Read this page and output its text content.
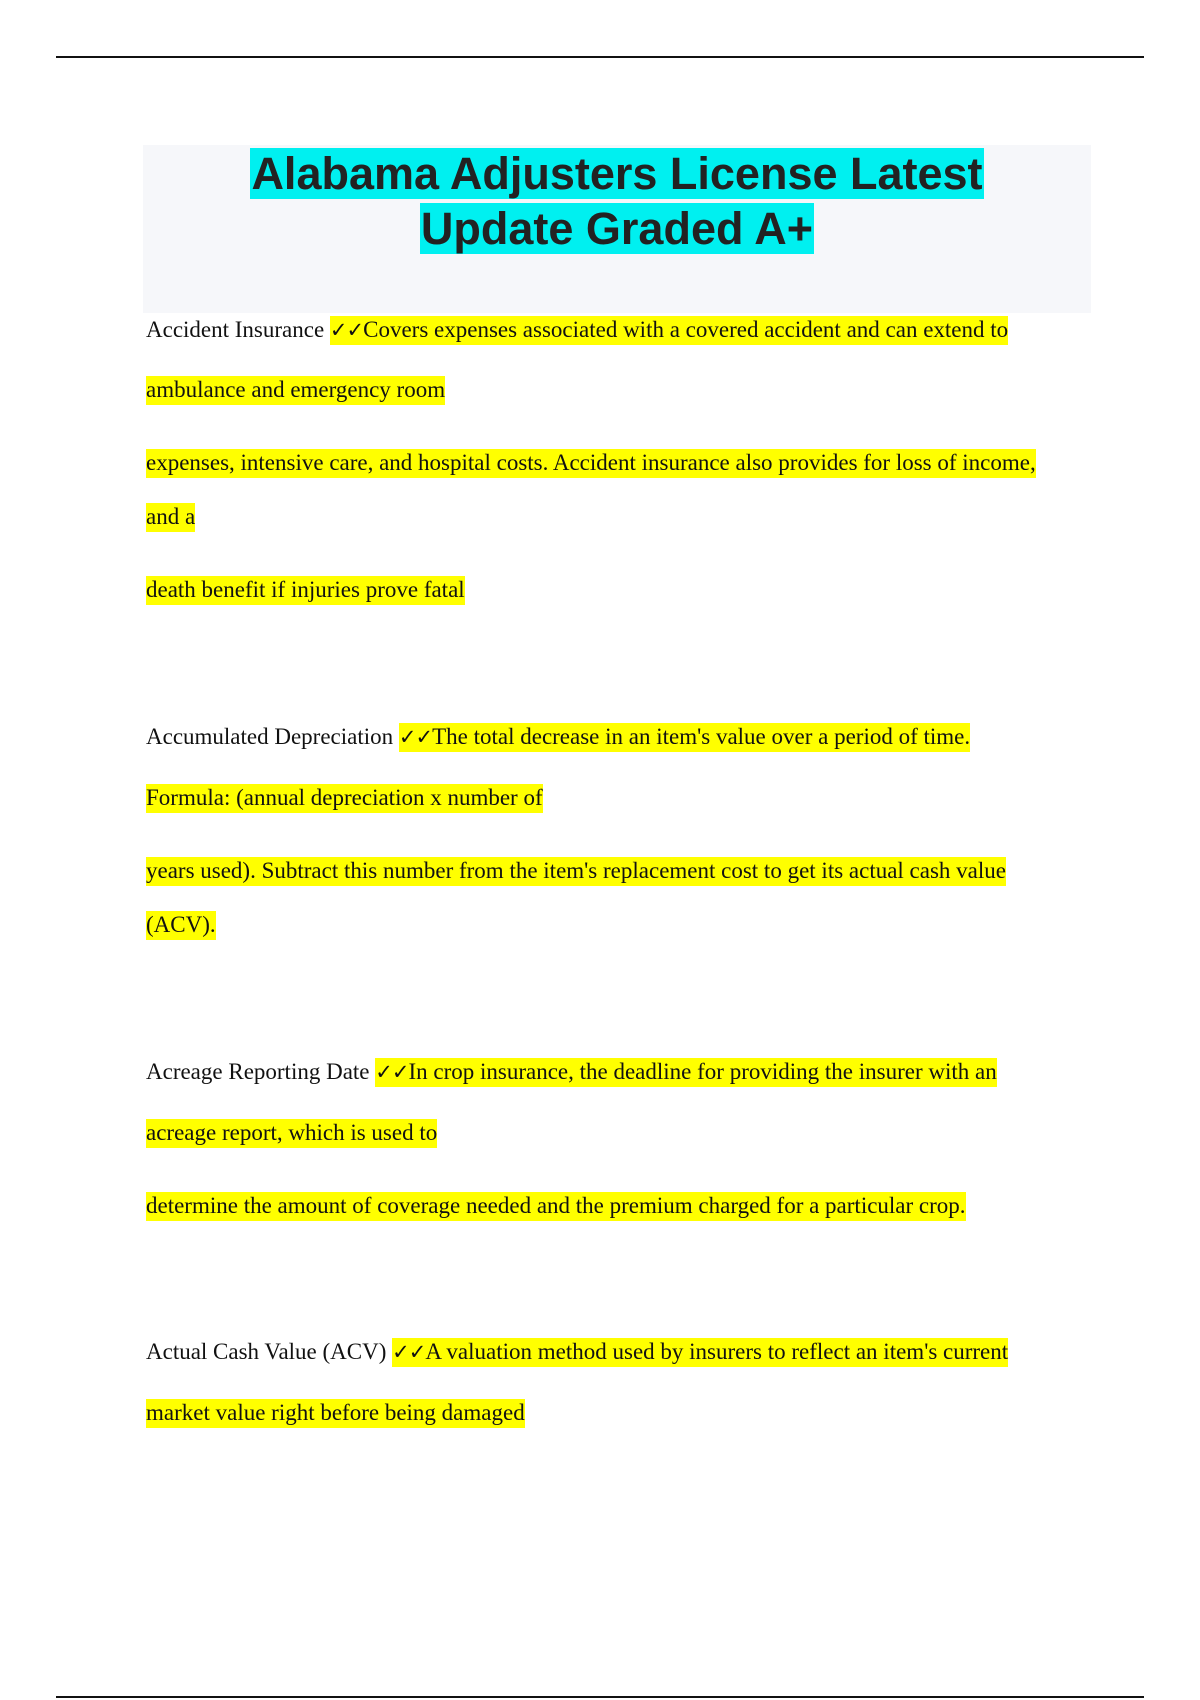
Alabama Adjusters License Latest
Update Graded A+
Accident Insurance ✓✓Covers expenses associated with a covered accident and can extend to
ambulance and emergency room
expenses, intensive care, and hospital costs. Accident insurance also provides for loss of income,
and a
death benefit if injuries prove fatal
Accumulated Depreciation ✓✓The total decrease in an item's value over a period of time.
Formula: (annual depreciation x number of
years used). Subtract this number from the item's replacement cost to get its actual cash value
(ACV).
Acreage Reporting Date ✓✓In crop insurance, the deadline for providing the insurer with an
acreage report, which is used to
determine the amount of coverage needed and the premium charged for a particular crop.
Actual Cash Value (ACV) ✓✓A valuation method used by insurers to reflect an item's current
market value right before being damaged
